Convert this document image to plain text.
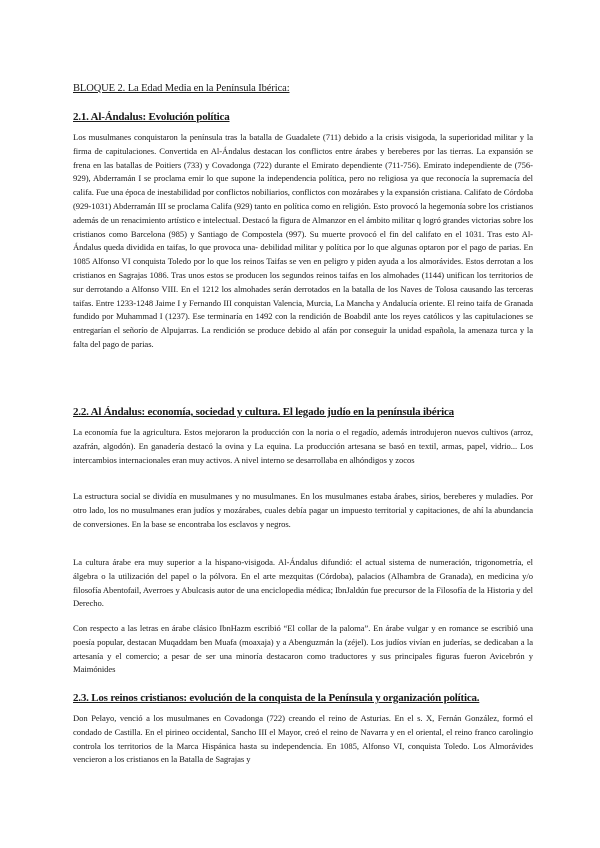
BLOQUE 2. La Edad Media en la Península Ibérica:
2.1. Al-Ándalus: Evolución política

Los musulmanes conquistaron la península tras la batalla de Guadalete (711) debido a la crisis visigoda, la superioridad militar y la firma de capitulaciones. Convertida en Al-Ándalus destacan los conflictos entre árabes y bereberes por las tierras. La expansión se frena en las batallas de Poitiers (733) y Covadonga (722) durante el Emirato dependiente (711-756). Emirato independiente de (756-929), Abderramán I se proclama emir lo que supone la independencia política, pero no religiosa ya que reconocía la supremacía del califa. Fue una época de inestabilidad por conflictos nobiliarios, conflictos con mozárabes y la expansión cristiana. Califato de Córdoba (929-1031) Abderramán III se proclama Califa (929) tanto en política como en religión. Esto provocó la hegemonía sobre los cristianos además de un renacimiento artístico e intelectual. Destacó la figura de Almanzor en el ámbito militar q logró grandes victorias sobre los cristianos como Barcelona (985) y Santiago de Compostela (997). Su muerte provocó el fin del califato en el 1031. Tras esto Al-Ándalus queda dividida en taifas, lo que provoca una- debilidad militar y política por lo que algunas optaron por el pago de parias. En 1085 Alfonso VI conquista Toledo por lo que los reinos Taifas se ven en peligro y piden ayuda a los almorávides. Estos derrotan a los cristianos en Sagrajas 1086. Tras unos estos se producen los segundos reinos taifas en los almohades (1144) unifican los territorios de sur derrotando a Alfonso VIII. En el 1212 los almohades serán derrotados en la batalla de los Naves de Tolosa causando las terceras taifas. Entre 1233-1248 Jaime I y Fernando III conquistan Valencia, Murcia, La Mancha y Andalucía oriente. El reino taifa de Granada fundido por Muhammad I (1237). Ese terminaría en 1492 con la rendición de Boabdil ante los reyes católicos y las capitulaciones se entregarían el señorío de Alpujarras. La rendición se produce debido al afán por conseguir la unidad española, la amenaza turca y la falta del pago de parias.

2.2. Al Ándalus: economía, sociedad y cultura. El legado judío en la península ibérica

La economía fue la agricultura. Estos mejoraron la producción con la noria o el regadío, además introdujeron nuevos cultivos (arroz, azafrán, algodón). En ganadería destacó la ovina y La equina. La producción artesana se basó en textil, armas, papel, vidrio... Los intercambios internacionales eran muy activos. A nivel interno se desarrollaba en alhóndigos y zocos

La estructura social se dividía en musulmanes y no musulmanes. En los musulmanes estaba árabes, sirios, bereberes y muladíes. Por otro lado, los no musulmanes eran judíos y mozárabes, cuales debía pagar un impuesto territorial y capitaciones, de ahí la abundancia de conversiones. En la base se encontraba los esclavos y negros.

La cultura árabe era muy superior a la hispano-visigoda. Al-Ándalus difundió: el actual sistema de numeración, trigonometría, el álgebra o la utilización del papel o la pólvora. En el arte mezquitas (Córdoba), palacios (Alhambra de Granada), en medicina y/o filosofía Abentofail, Averroes y Abulcasis autor de una enciclopedia médica; IbnJaldún fue precursor de la Filosofía de la Historia y del Derecho.

Con respecto a las letras en árabe clásico IbnHazm escribió “El collar de la paloma”. En árabe vulgar y en romance se escribió una poesía popular, destacan Muqaddam ben Muafa (moaxaja) y a Abenguzmán la (zéjel). Los judíos vivían en juderías, se dedicaban a la artesanía y el comercio; a pesar de ser una minoría destacaron como traductores y sus principales figuras fueron Avicebrón y Maimónides

2.3. Los reinos cristianos: evolución de la conquista de la Península y organización política.

Don Pelayo, venció a los musulmanes en Covadonga (722) creando el reino de Asturias. En el s. X, Fernán González, formó el condado de Castilla. En el pirineo occidental, Sancho III el Mayor, creó el reino de Navarra y en el oriental, el reino franco carolingio controla los territorios de la Marca Hispánica hasta su independencia. En 1085, Alfonso VI, conquista Toledo. Los Almorávides vencieron a los cristianos en la Batalla de Sagrajas y
